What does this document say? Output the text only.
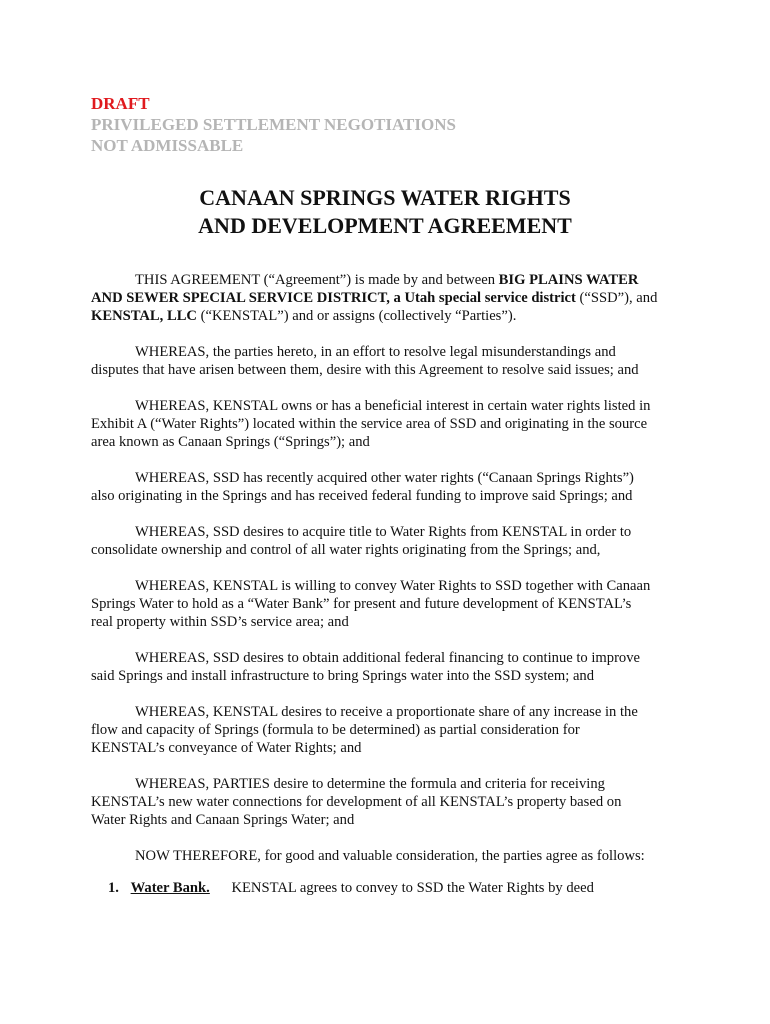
DRAFT
PRIVILEGED SETTLEMENT NEGOTIATIONS
NOT ADMISSABLE
CANAAN SPRINGS WATER RIGHTS
AND DEVELOPMENT AGREEMENT

THIS AGREEMENT (“Agreement”) is made by and between BIG PLAINS WATER
AND SEWER SPECIAL SERVICE DISTRICT, a Utah special service district (“SSD”), and
KENSTAL, LLC (“KENSTAL”) and or assigns (collectively “Parties”).

WHEREAS, the parties hereto, in an effort to resolve legal misunderstandings and
disputes that have arisen between them, desire with this Agreement to resolve said issues; and

WHEREAS, KENSTAL owns or has a beneficial interest in certain water rights listed in
Exhibit A (“Water Rights”) located within the service area of SSD and originating in the source
area known as Canaan Springs (“Springs”); and

WHEREAS, SSD has recently acquired other water rights (“Canaan Springs Rights”)
also originating in the Springs and has received federal funding to improve said Springs; and

WHEREAS, SSD desires to acquire title to Water Rights from KENSTAL in order to
consolidate ownership and control of all water rights originating from the Springs; and,

WHEREAS, KENSTAL is willing to convey Water Rights to SSD together with Canaan
Springs Water to hold as a “Water Bank” for present and future development of KENSTAL’s
real property within SSD’s service area; and

WHEREAS, SSD desires to obtain additional federal financing to continue to improve
said Springs and install infrastructure to bring Springs water into the SSD system; and

WHEREAS, KENSTAL desires to receive a proportionate share of any increase in the
flow and capacity of Springs (formula to be determined) as partial consideration for
KENSTAL’s conveyance of Water Rights; and

WHEREAS, PARTIES desire to determine the formula and criteria for receiving
KENSTAL’s new water connections for development of all KENSTAL’s property based on
Water Rights and Canaan Springs Water; and

NOW THEREFORE, for good and valuable consideration, the parties agree as follows:

1. Water Bank. KENSTAL agrees to convey to SSD the Water Rights by deed
